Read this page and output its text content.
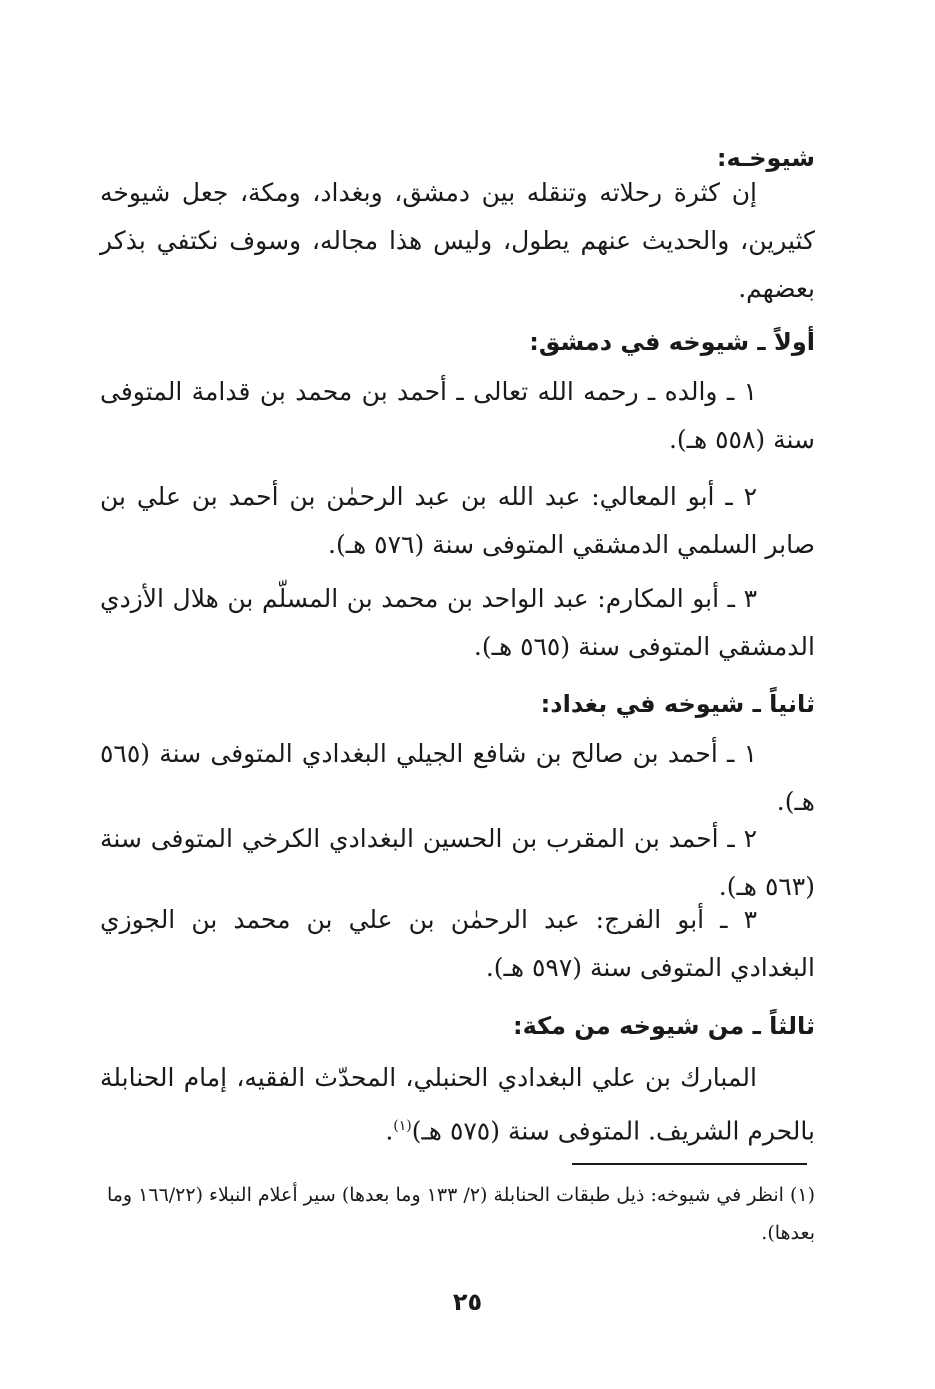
شيوخـه:
إن كثرة رحلاته وتنقله بين دمشق، وبغداد، ومكة، جعل شيوخه كثيرين، والحديث عنهم يطول، وليس هذا مجاله، وسوف نكتفي بذكر بعضهم.
أولاً ـ شيوخه في دمشق:
١ ـ والده ـ رحمه الله تعالى ـ أحمد بن محمد بن قدامة المتوفى سنة (٥٥٨ هـ).
٢ ـ أبو المعالي: عبد الله بن عبد الرحمٰن بن أحمد بن علي بن صابر السلمي الدمشقي المتوفى سنة (٥٧٦ هـ).
٣ ـ أبو المكارم: عبد الواحد بن محمد بن المسلّم بن هلال الأزدي الدمشقي المتوفى سنة (٥٦٥ هـ).
ثانياً ـ شيوخه في بغداد:
١ ـ أحمد بن صالح بن شافع الجيلي البغدادي المتوفى سنة (٥٦٥ هـ).
٢ ـ أحمد بن المقرب بن الحسين البغدادي الكرخي المتوفى سنة (٥٦٣ هـ).
٣ ـ أبو الفرج: عبد الرحمٰن بن علي بن محمد بن الجوزي البغدادي المتوفى سنة (٥٩٧ هـ).
ثالثاً ـ من شيوخه من مكة:
المبارك بن علي البغدادي الحنبلي، المحدّث الفقيه، إمام الحنابلة بالحرم الشريف. المتوفى سنة (٥٧٥ هـ)$^{(١)}$.
(١) انظر في شيوخه: ذيل طبقات الحنابلة (٢/ ١٣٣ وما بعدها) سير أعلام النبلاء (١٦٦/٢٢ وما بعدها).
٢٥
